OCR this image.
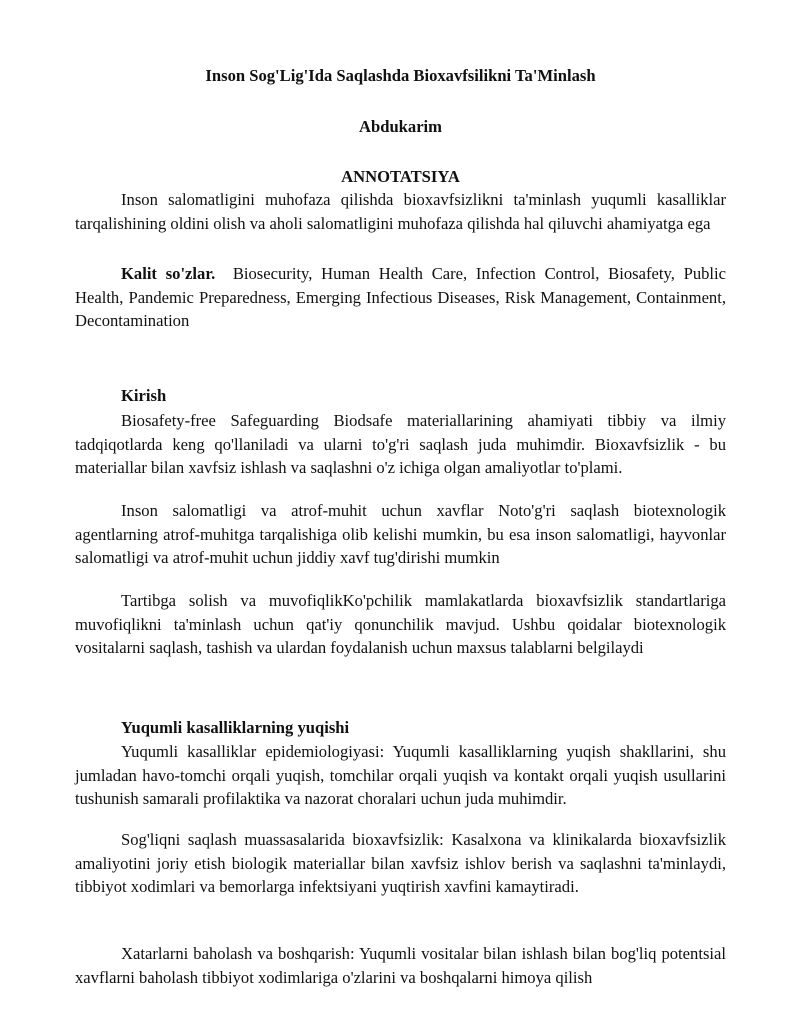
Inson Sog'Lig'Ida Saqlashda Bioxavfsilikni Ta'Minlash
Abdukarim
ANNOTATSIYA

Inson salomatligini muhofaza qilishda bioxavfsizlikni ta'minlash yuqumli kasalliklar tarqalishining oldini olish va aholi salomatligini muhofaza qilishda hal qiluvchi ahamiyatga ega

Kalit so'zlar. Biosecurity, Human Health Care, Infection Control, Biosafety, Public Health, Pandemic Preparedness, Emerging Infectious Diseases, Risk Management, Containment, Decontamination

Kirish

Biosafety-free Safeguarding Biodsafe materiallarining ahamiyati tibbiy va ilmiy tadqiqotlarda keng qo'llaniladi va ularni to'g'ri saqlash juda muhimdir. Bioxavfsizlik - bu materiallar bilan xavfsiz ishlash va saqlashni o'z ichiga olgan amaliyotlar to'plami.

Inson salomatligi va atrof-muhit uchun xavflar Noto'g'ri saqlash biotexnologik agentlarning atrof-muhitga tarqalishiga olib kelishi mumkin, bu esa inson salomatligi, hayvonlar salomatligi va atrof-muhit uchun jiddiy xavf tug'dirishi mumkin

Tartibga solish va muvofiqlikKo'pchilik mamlakatlarda bioxavfsizlik standartlariga muvofiqlikni ta'minlash uchun qat'iy qonunchilik mavjud. Ushbu qoidalar biotexnologik vositalarni saqlash, tashish va ulardan foydalanish uchun maxsus talablarni belgilaydi

Yuqumli kasalliklarning yuqishi

Yuqumli kasalliklar epidemiologiyasi: Yuqumli kasalliklarning yuqish shakllarini, shu jumladan havo-tomchi orqali yuqish, tomchilar orqali yuqish va kontakt orqali yuqish usullarini tushunish samarali profilaktika va nazorat choralari uchun juda muhimdir.

Sog'liqni saqlash muassasalarida bioxavfsizlik: Kasalxona va klinikalarda bioxavfsizlik amaliyotini joriy etish biologik materiallar bilan xavfsiz ishlov berish va saqlashni ta'minlaydi, tibbiyot xodimlari va bemorlarga infektsiyani yuqtirish xavfini kamaytiradi.

Xatarlarni baholash va boshqarish: Yuqumli vositalar bilan ishlash bilan bog'liq potentsial xavflarni baholash tibbiyot xodimlariga o'zlarini va boshqalarni himoya qilish
